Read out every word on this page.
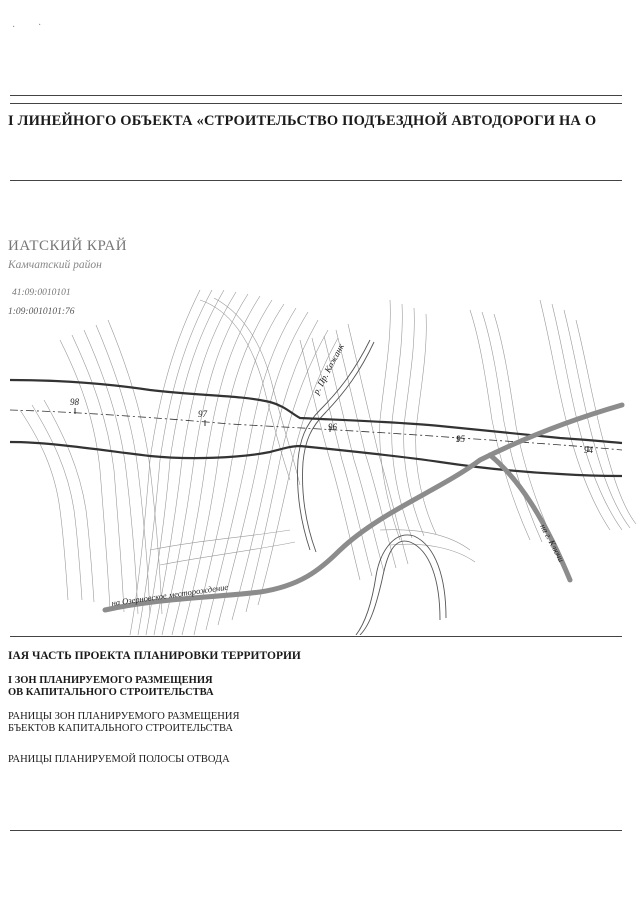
· ·
І ЛИНЕЙНОГО ОБЪЕКТА «СТРОИТЕЛЬСТВО ПОДЪЕЗДНОЙ АВТОДОРОГИ НА О
ИАТСКИЙ КРАЙ
Камчатский район
41:09:0010101
1:09:0010101:76
98
97
96
95
94
р. Пр. Кожанк
на Озерновское месторождение
на г. Ключи
ІАЯ ЧАСТЬ ПРОЕКТА ПЛАНИРОВКИ ТЕРРИТОРИИ
І ЗОН ПЛАНИРУЕМОГО РАЗМЕЩЕНИЯ
ОВ КАПИТАЛЬНОГО СТРОИТЕЛЬСТВА
РАНИЦЫ ЗОН ПЛАНИРУЕМОГО РАЗМЕЩЕНИЯ
БЪЕКТОВ КАПИТАЛЬНОГО СТРОИТЕЛЬСТВА
РАНИЦЫ ПЛАНИРУЕМОЙ ПОЛОСЫ ОТВОДА
